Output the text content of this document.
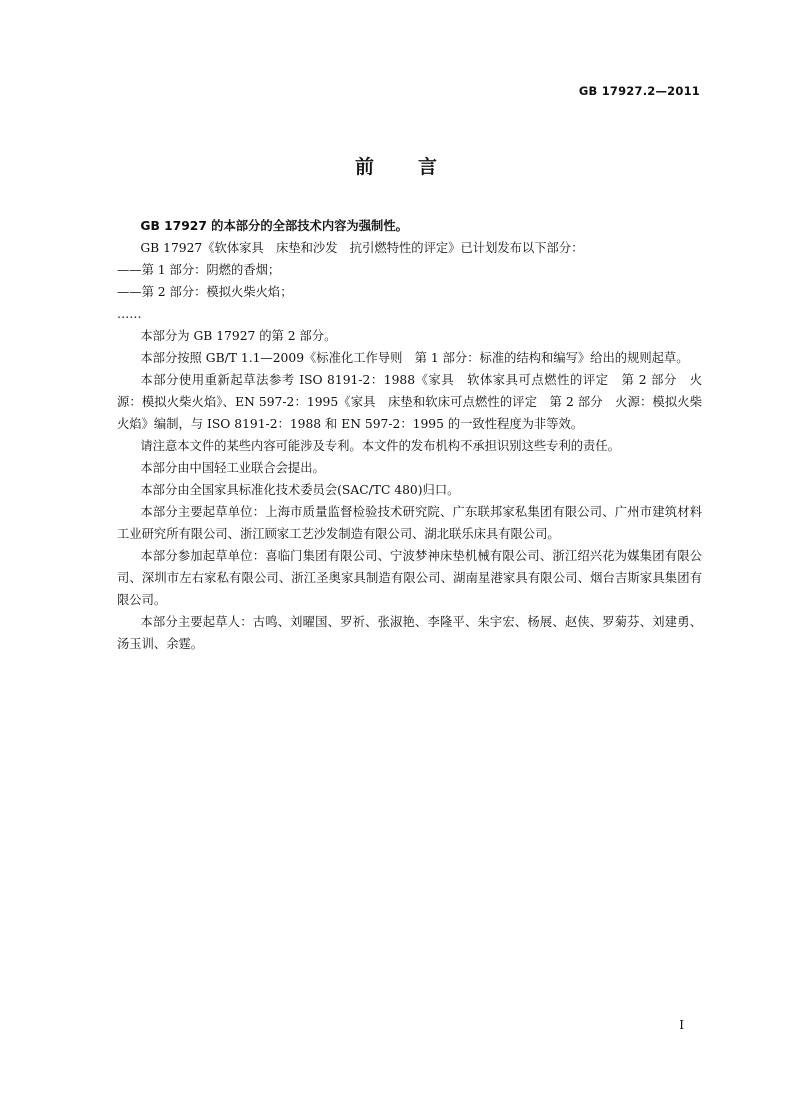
GB 17927.2—2011
前言

GB 17927 的本部分的全部技术内容为强制性。

GB 17927《软体家具　床垫和沙发　抗引燃特性的评定》已计划发布以下部分：

——第 1 部分：阴燃的香烟；

——第 2 部分：模拟火柴火焰；

……

本部分为 GB 17927 的第 2 部分。

本部分按照 GB/T 1.1—2009《标准化工作导则　第 1 部分：标准的结构和编写》给出的规则起草。

本部分使用重新起草法参考 ISO 8191-2：1988《家具　软体家具可点燃性的评定　第 2 部分　火源：模拟火柴火焰》、EN 597-2：1995《家具　床垫和软床可点燃性的评定　第 2 部分　火源：模拟火柴火焰》编制，与 ISO 8191-2：1988 和 EN 597-2：1995 的一致性程度为非等效。

请注意本文件的某些内容可能涉及专利。本文件的发布机构不承担识别这些专利的责任。

本部分由中国轻工业联合会提出。

本部分由全国家具标准化技术委员会(SAC/TC 480)归口。

本部分主要起草单位：上海市质量监督检验技术研究院、广东联邦家私集团有限公司、广州市建筑材料工业研究所有限公司、浙江顾家工艺沙发制造有限公司、湖北联乐床具有限公司。

本部分参加起草单位：喜临门集团有限公司、宁波梦神床垫机械有限公司、浙江绍兴花为媒集团有限公司、深圳市左右家私有限公司、浙江圣奥家具制造有限公司、湖南星港家具有限公司、烟台吉斯家具集团有限公司。

本部分主要起草人：古鸣、刘曜国、罗祈、张淑艳、李隆平、朱宇宏、杨展、赵侠、罗菊芬、刘建勇、汤玉训、余霆。

I
